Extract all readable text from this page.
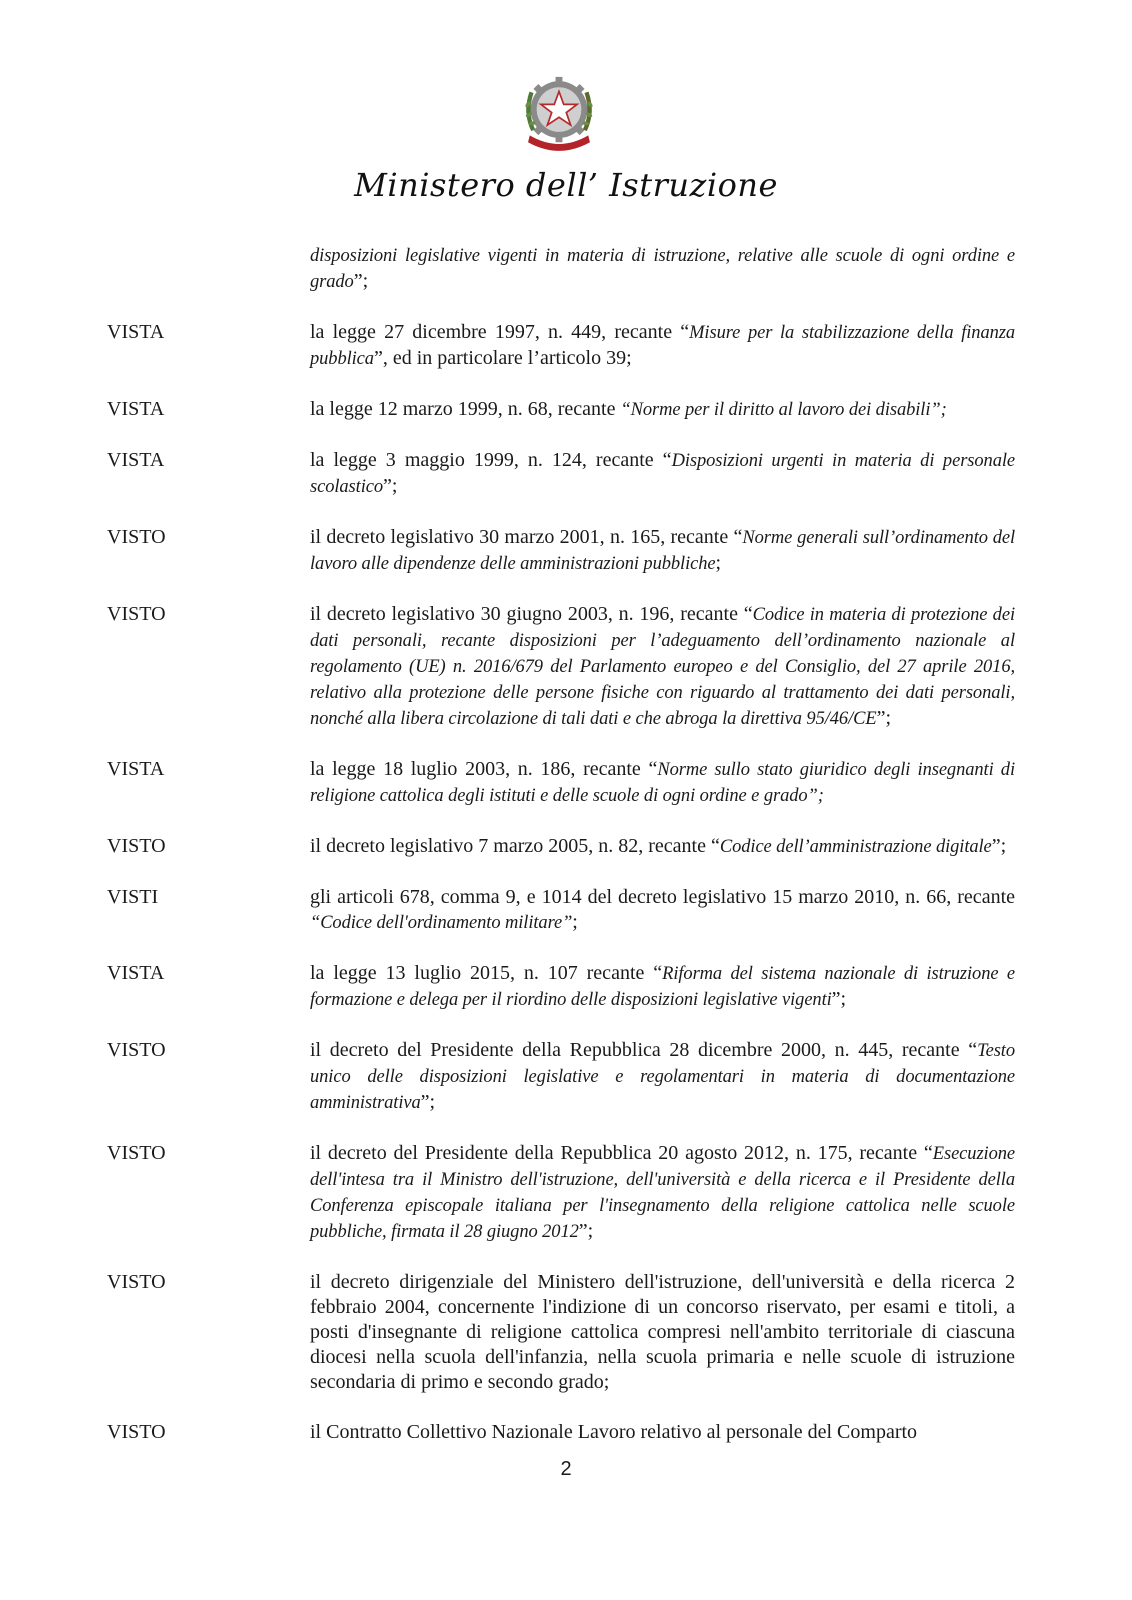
Ministero dell’ Istruzione
disposizioni legislative vigenti in materia di istruzione, relative alle scuole di ogni ordine e grado”;
VISTA	la legge 27 dicembre 1997, n. 449, recante “Misure per la stabilizzazione della finanza pubblica”, ed in particolare l’articolo 39;
VISTA	la legge 12 marzo 1999, n. 68, recante “Norme per il diritto al lavoro dei disabili”;
VISTA	la legge 3 maggio 1999, n. 124, recante “Disposizioni urgenti in materia di personale scolastico”;
VISTO	il decreto legislativo 30 marzo 2001, n. 165, recante “Norme generali sull’ordinamento del lavoro alle dipendenze delle amministrazioni pubbliche;
VISTO	il decreto legislativo 30 giugno 2003, n. 196, recante “Codice in materia di protezione dei dati personali, recante disposizioni per l’adeguamento dell’ordinamento nazionale al regolamento (UE) n. 2016/679 del Parlamento europeo e del Consiglio, del 27 aprile 2016, relativo alla protezione delle persone fisiche con riguardo al trattamento dei dati personali, nonché alla libera circolazione di tali dati e che abroga la direttiva 95/46/CE”;
VISTA	la legge 18 luglio 2003, n. 186, recante “Norme sullo stato giuridico degli insegnanti di religione cattolica degli istituti e delle scuole di ogni ordine e grado”;
VISTO	il decreto legislativo 7 marzo 2005, n. 82, recante “Codice dell’amministrazione digitale”;
VISTI	gli articoli 678, comma 9, e 1014 del decreto legislativo 15 marzo 2010, n. 66, recante “Codice dell'ordinamento militare”;
VISTA	la legge 13 luglio 2015, n. 107 recante “Riforma del sistema nazionale di istruzione e formazione e delega per il riordino delle disposizioni legislative vigenti”;
VISTO	il decreto del Presidente della Repubblica 28 dicembre 2000, n. 445, recante “Testo unico delle disposizioni legislative e regolamentari in materia di documentazione amministrativa”;
VISTO	il decreto del Presidente della Repubblica 20 agosto 2012, n. 175, recante “Esecuzione dell'intesa tra il Ministro dell'istruzione, dell'università e della ricerca e il Presidente della Conferenza episcopale italiana per l'insegnamento della religione cattolica nelle scuole pubbliche, firmata il 28 giugno 2012”;
VISTO	il decreto dirigenziale del Ministero dell'istruzione, dell'università e della ricerca 2 febbraio 2004, concernente l'indizione di un concorso riservato, per esami e titoli, a posti d'insegnante di religione cattolica compresi nell'ambito territoriale di ciascuna diocesi nella scuola dell'infanzia, nella scuola primaria e nelle scuole di istruzione secondaria di primo e secondo grado;
VISTO	il Contratto Collettivo Nazionale Lavoro relativo al personale del Comparto
2
